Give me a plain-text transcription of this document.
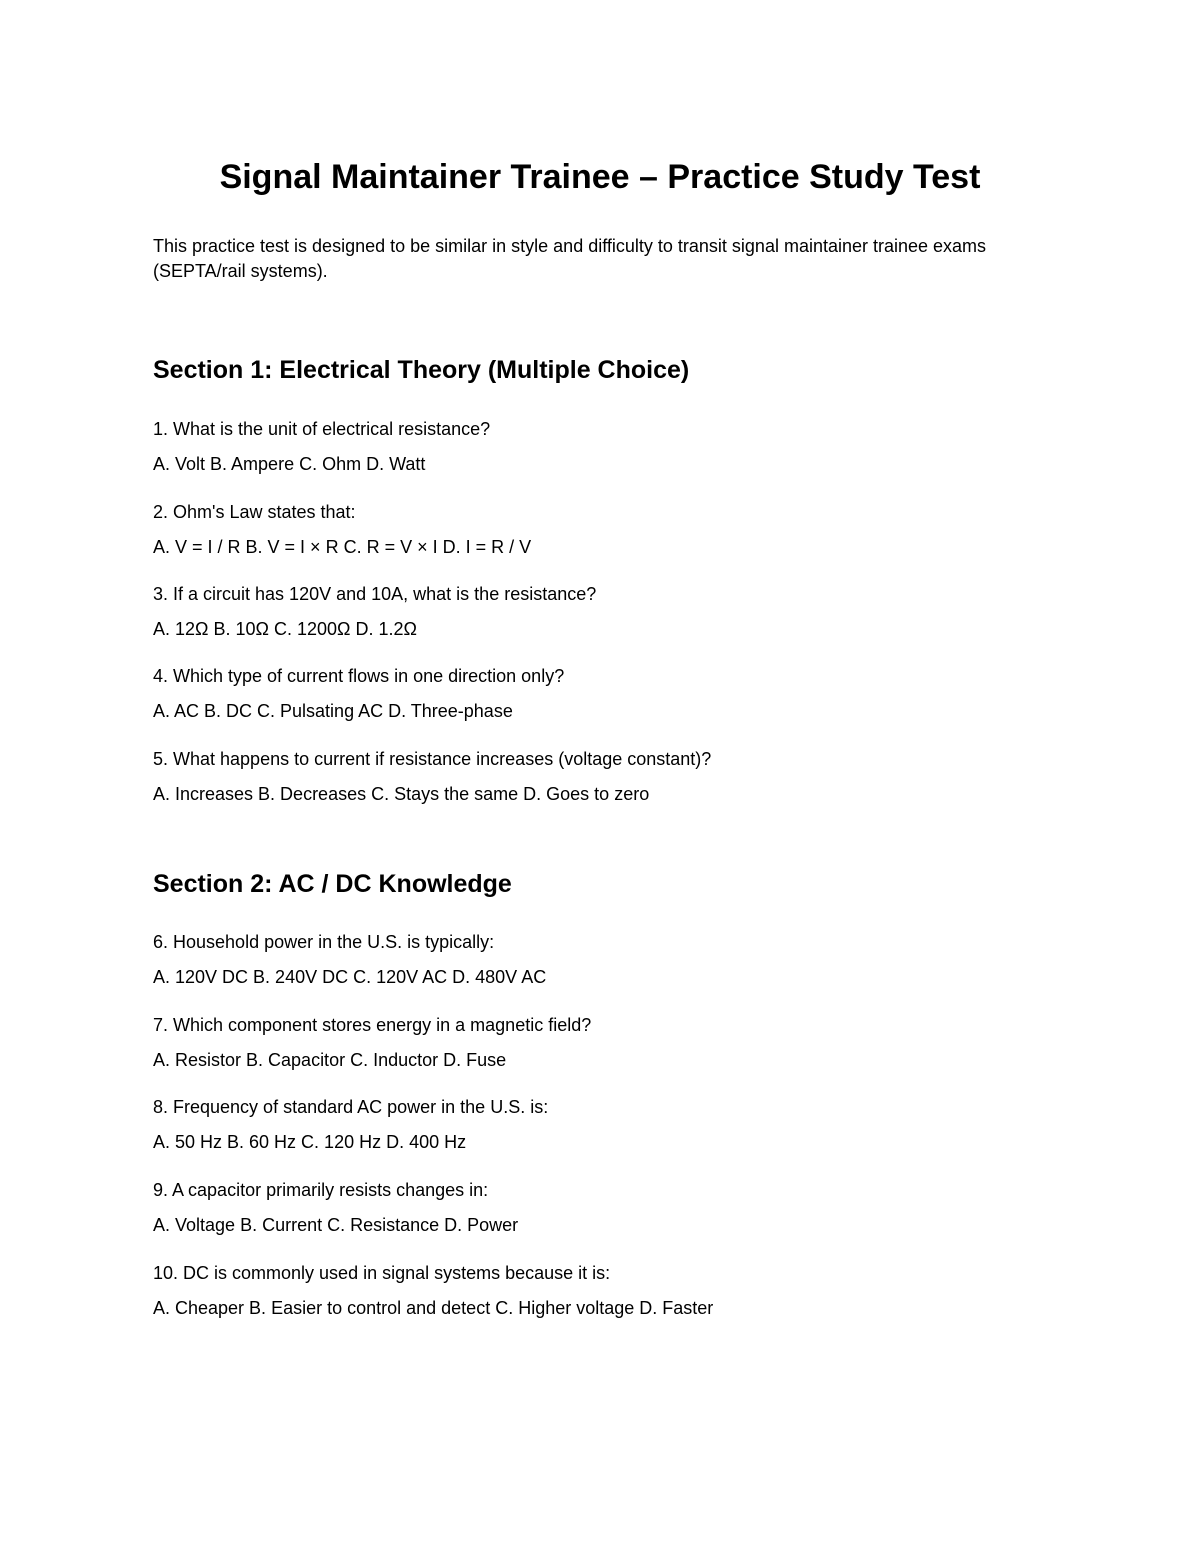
Signal Maintainer Trainee – Practice Study Test

This practice test is designed to be similar in style and difficulty to transit signal maintainer trainee exams (SEPTA/rail systems).

Section 1: Electrical Theory (Multiple Choice)

1. What is the unit of electrical resistance?

A. Volt B. Ampere C. Ohm D. Watt

2. Ohm's Law states that:

A. V = I / R B. V = I × R C. R = V × I D. I = R / V

3. If a circuit has 120V and 10A, what is the resistance?

A. 12Ω B. 10Ω C. 1200Ω D. 1.2Ω

4. Which type of current flows in one direction only?

A. AC B. DC C. Pulsating AC D. Three-phase

5. What happens to current if resistance increases (voltage constant)?

A. Increases B. Decreases C. Stays the same D. Goes to zero

Section 2: AC / DC Knowledge

6. Household power in the U.S. is typically:

A. 120V DC B. 240V DC C. 120V AC D. 480V AC

7. Which component stores energy in a magnetic field?

A. Resistor B. Capacitor C. Inductor D. Fuse

8. Frequency of standard AC power in the U.S. is:

A. 50 Hz B. 60 Hz C. 120 Hz D. 400 Hz

9. A capacitor primarily resists changes in:

A. Voltage B. Current C. Resistance D. Power

10. DC is commonly used in signal systems because it is:

A. Cheaper B. Easier to control and detect C. Higher voltage D. Faster
